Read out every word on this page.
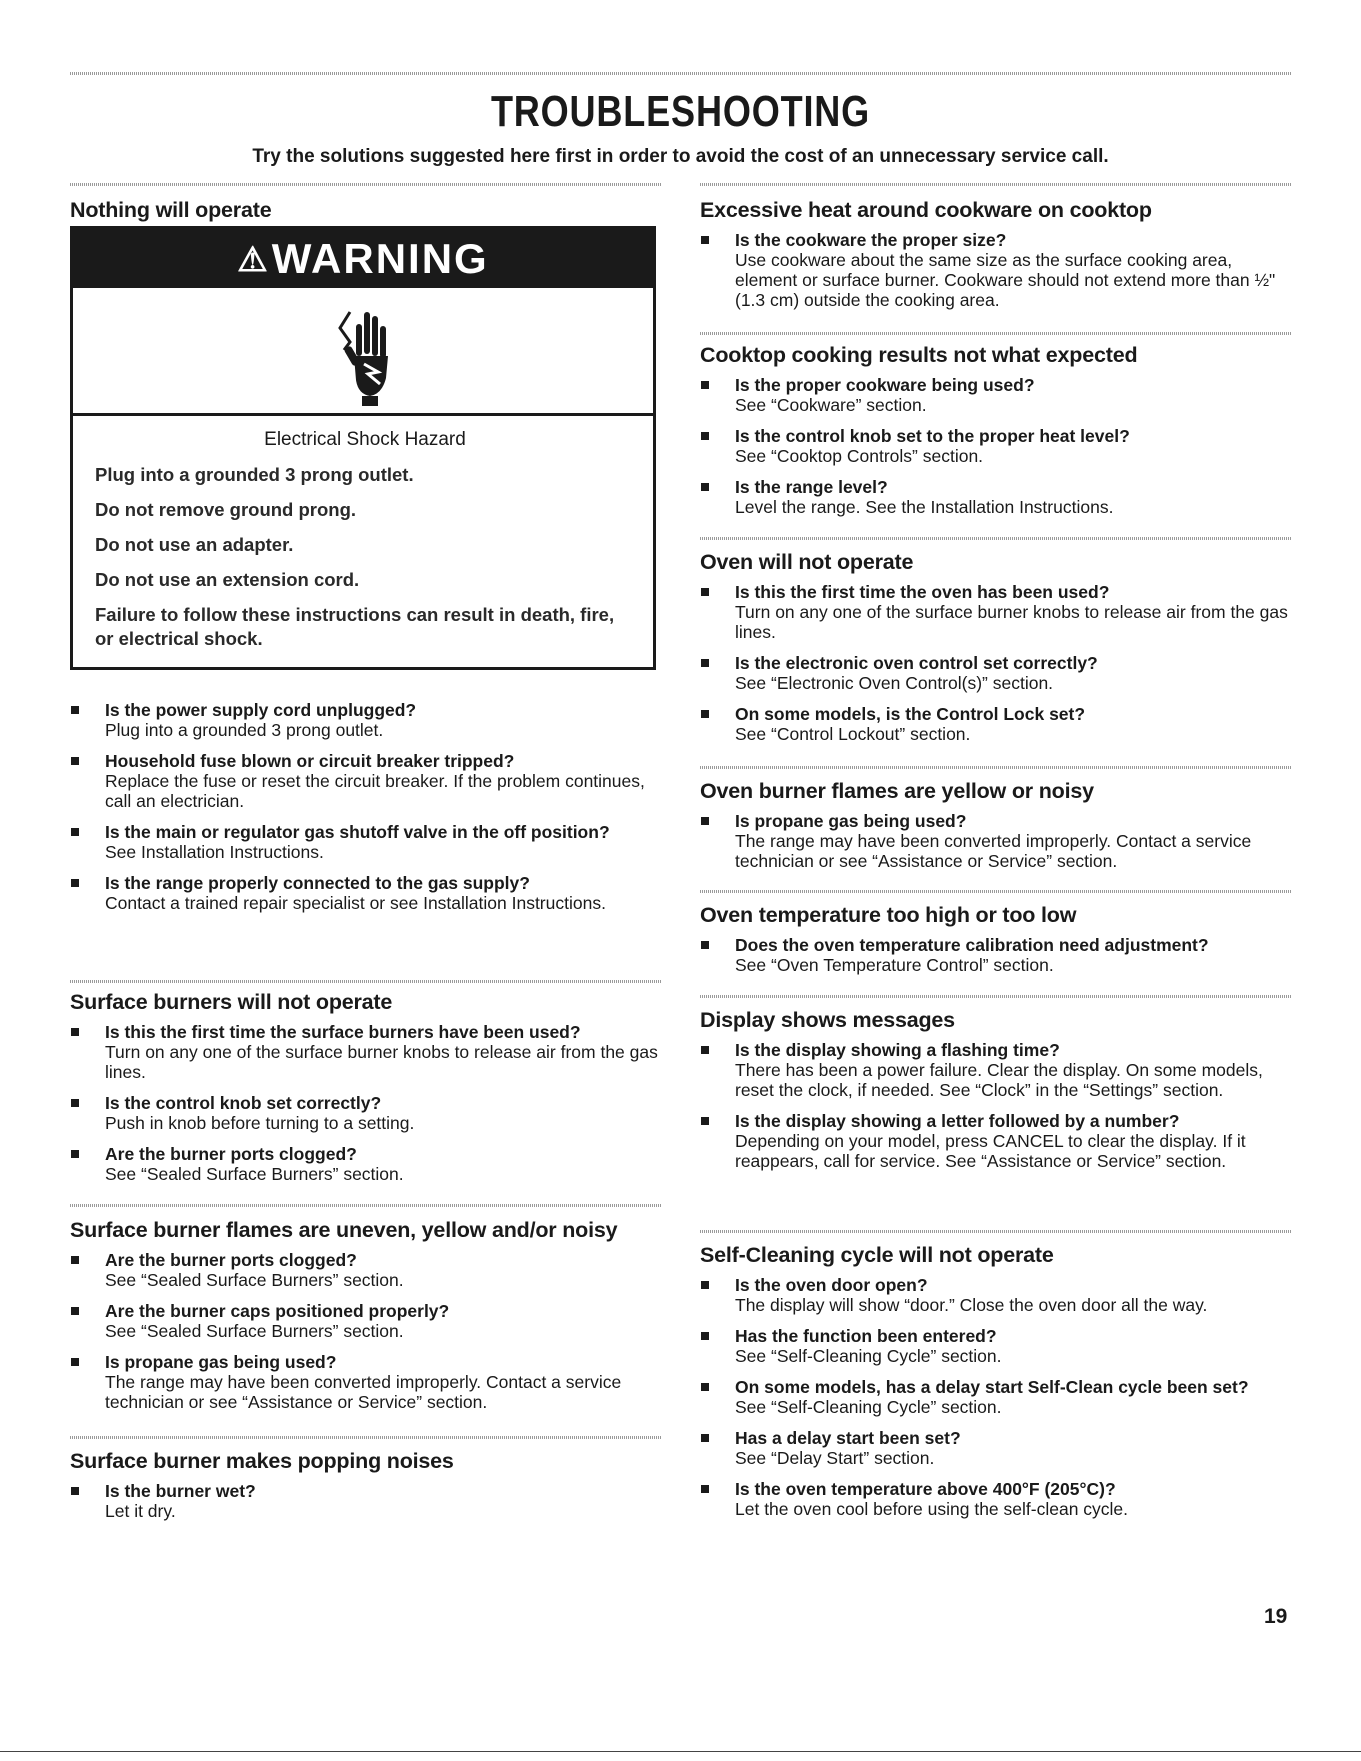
TROUBLESHOOTING

Try the solutions suggested here first in order to avoid the cost of an unnecessary service call.

Nothing will operate
⚠WARNING

Electrical Shock Hazard

Plug into a grounded 3 prong outlet.

Do not remove ground prong.

Do not use an adapter.

Do not use an extension cord.

Failure to follow these instructions can result in death, fire, or electrical shock.

Is the power supply cord unplugged?
Plug into a grounded 3 prong outlet.
Household fuse blown or circuit breaker tripped?
Replace the fuse or reset the circuit breaker. If the problem continues, call an electrician.
Is the main or regulator gas shutoff valve in the off position?
See Installation Instructions.
Is the range properly connected to the gas supply?
Contact a trained repair specialist or see Installation Instructions.
Surface burners will not operate
Is this the first time the surface burners have been used?
Turn on any one of the surface burner knobs to release air from the gas lines.
Is the control knob set correctly?
Push in knob before turning to a setting.
Are the burner ports clogged?
See “Sealed Surface Burners” section.
Surface burner flames are uneven, yellow and/or noisy
Are the burner ports clogged?
See “Sealed Surface Burners” section.
Are the burner caps positioned properly?
See “Sealed Surface Burners” section.
Is propane gas being used?
The range may have been converted improperly. Contact a service technician or see “Assistance or Service” section.
Surface burner makes popping noises
Is the burner wet?
Let it dry.
Excessive heat around cookware on cooktop
Is the cookware the proper size?
Use cookware about the same size as the surface cooking area, element or surface burner. Cookware should not extend more than ½" (1.3 cm) outside the cooking area.
Cooktop cooking results not what expected
Is the proper cookware being used?
See “Cookware” section.
Is the control knob set to the proper heat level?
See “Cooktop Controls” section.
Is the range level?
Level the range. See the Installation Instructions.
Oven will not operate
Is this the first time the oven has been used?
Turn on any one of the surface burner knobs to release air from the gas lines.
Is the electronic oven control set correctly?
See “Electronic Oven Control(s)” section.
On some models, is the Control Lock set?
See “Control Lockout” section.
Oven burner flames are yellow or noisy
Is propane gas being used?
The range may have been converted improperly. Contact a service technician or see “Assistance or Service” section.
Oven temperature too high or too low
Does the oven temperature calibration need adjustment?
See “Oven Temperature Control” section.
Display shows messages
Is the display showing a flashing time?
There has been a power failure. Clear the display. On some models, reset the clock, if needed. See “Clock” in the “Settings” section.
Is the display showing a letter followed by a number?
Depending on your model, press CANCEL to clear the display. If it reappears, call for service. See “Assistance or Service” section.
Self-Cleaning cycle will not operate
Is the oven door open?
The display will show “door.” Close the oven door all the way.
Has the function been entered?
See “Self-Cleaning Cycle” section.
On some models, has a delay start Self-Clean cycle been set?
See “Self-Cleaning Cycle” section.
Has a delay start been set?
See “Delay Start” section.
Is the oven temperature above 400°F (205°C)?
Let the oven cool before using the self-clean cycle.
19
